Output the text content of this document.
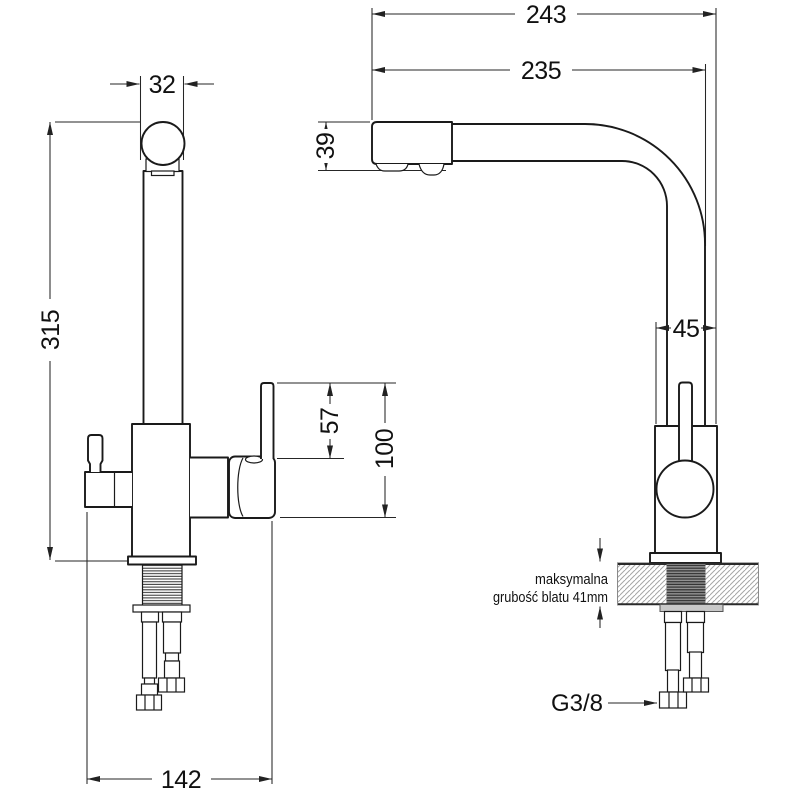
243
235
32
315
39
57
100
45
142
maksymalna
grubość blatu 41mm
G3/8
